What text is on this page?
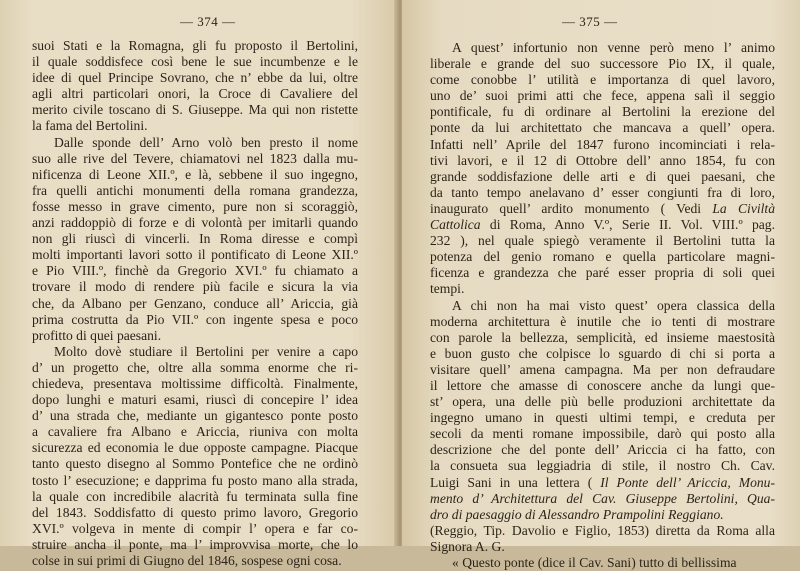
— 374 —
suoi Stati e la Romagna, gli fu proposto il Bertolini,
il quale soddisfece così bene le sue incumbenze e le
idee di quel Principe Sovrano, che n’ ebbe da lui, oltre
agli altri particolari onori, la Croce di Cavaliere del
merito civile toscano di S. Giuseppe. Ma qui non ristette
la fama del Bertolini.
Dalle sponde dell’ Arno volò ben presto il nome
suo alle rive del Tevere, chiamatovi nel 1823 dalla mu-
nificenza di Leone XII.º, e là, sebbene il suo ingegno,
fra quelli antichi monumenti della romana grandezza,
fosse messo in grave cimento, pure non si scoraggiò,
anzi raddoppiò di forze e di volontà per imitarli quando
non gli riuscì di vincerli. In Roma diresse e compì
molti importanti lavori sotto il pontificato di Leone XII.º
e Pio VIII.º, finchè da Gregorio XVI.º fu chiamato a
trovare il modo di rendere più facile e sicura la via
che, da Albano per Genzano, conduce all’ Ariccia, già
prima costrutta da Pio VII.º con ingente spesa e poco
profitto di quei paesani.
Molto dovè studiare il Bertolini per venire a capo
d’ un progetto che, oltre alla somma enorme che ri-
chiedeva, presentava moltissime difficoltà. Finalmente,
dopo lunghi e maturi esami, riuscì di concepire l’ idea
d’ una strada che, mediante un gigantesco ponte posto
a cavaliere fra Albano e Ariccia, riuniva con molta
sicurezza ed economia le due opposte campagne. Piacque
tanto questo disegno al Sommo Pontefice che ne ordinò
tosto l’ esecuzione; e dapprima fu posto mano alla strada,
la quale con incredibile alacrità fu terminata sulla fine
del 1843. Soddisfatto di questo primo lavoro, Gregorio
XVI.º volgeva in mente di compir l’ opera e far co-
struire ancha il ponte, ma l’ improvvisa morte, che lo
colse in sui primi di Giugno del 1846, sospese ogni cosa.
— 375 —
A quest’ infortunio non venne però meno l’ animo
liberale e grande del suo successore Pio IX, il quale,
come conobbe l’ utilità e importanza di quel lavoro,
uno de’ suoi primi atti che fece, appena salì il seggio
pontificale, fu di ordinare al Bertolini la erezione del
ponte da lui architettato che mancava a quell’ opera.
Infatti nell’ Aprile del 1847 furono incominciati i rela-
tivi lavori, e il 12 di Ottobre dell’ anno 1854, fu con
grande soddisfazione delle arti e di quei paesani, che
da tanto tempo anelavano d’ esser congiunti fra di loro,
inaugurato quell’ ardito monumento ( Vedi La Civiltà
Cattolica di Roma, Anno V.º, Serie II. Vol. VIII.º pag.
232 ), nel quale spiegò veramente il Bertolini tutta la
potenza del genio romano e quella particolare magni-
ficenza e grandezza che paré esser propria di soli quei
tempi.
A chi non ha mai visto quest’ opera classica della
moderna architettura è inutile che io tenti di mostrare
con parole la bellezza, semplicità, ed insieme maestosità
e buon gusto che colpisce lo sguardo di chi si porta a
visitare quell’ amena campagna. Ma per non defraudare
il lettore che amasse di conoscere anche da lungi que-
st’ opera, una delle più belle produzioni architettate da
ingegno umano in questi ultimi tempi, e creduta per
secoli da menti romane impossibile, darò qui posto alla
descrizione che del ponte dell’ Ariccia ci ha fatto, con
la consueta sua leggiadria di stile, il nostro Ch. Cav.
Luigi Sani in una lettera ( Il Ponte dell’ Ariccia, Monu-
mento d’ Architettura del Cav. Giuseppe Bertolini, Qua-
dro di paesaggio di Alessandro Prampolini Reggiano.
(Reggio, Tip. Davolio e Figlio, 1853) diretta da Roma alla
Signora A. G.
« Questo ponte (dice il Cav. Sani) tutto di bellissima
